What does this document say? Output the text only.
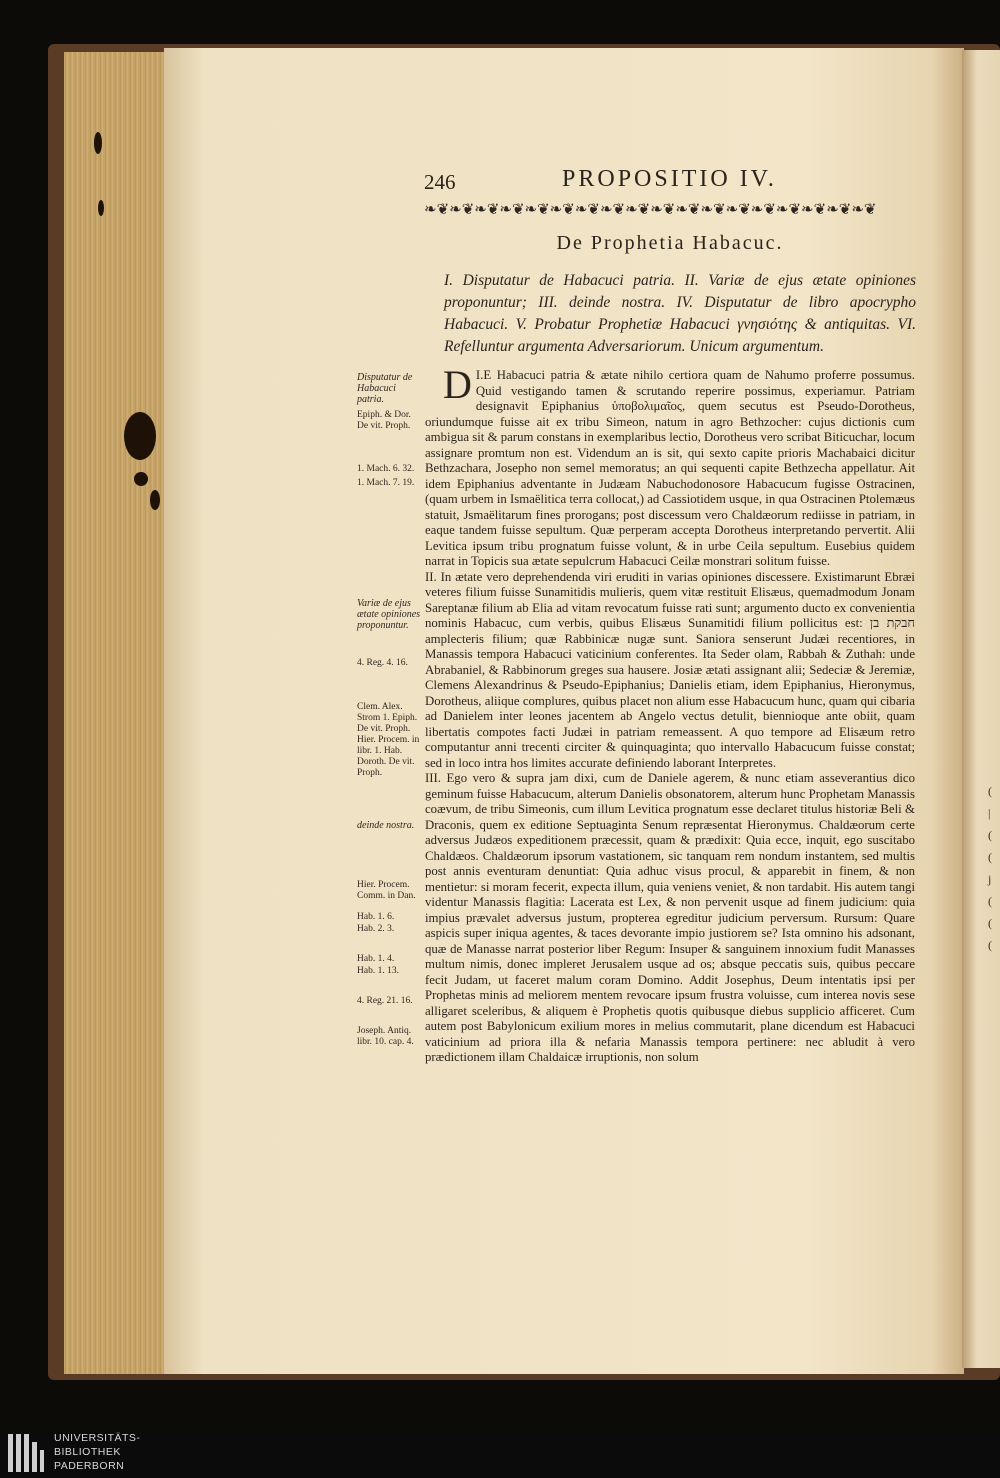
246	PROPOSITIO IV.
❧❦❧❦❧❦❧❦❧❦❧❦❧❦❧❦❧❦❧❦❧❦❧❦❧❦❧❦❧❦❧❦❧❦❧❦
De Prophetia Habacuc.
I. Disputatur de Habacuci patria. II. Variæ de ejus ætate opiniones proponuntur; III. deinde nostra. IV. Disputatur de libro apocrypho Habacuci. V. Probatur Prophetiæ Habacuci γνησιότης & antiquitas. VI. Refelluntur argumenta Adversariorum. Unicum argumentum.
Disputatur de Habacuci patria.
Epiph. & Dor. De vit. Proph.
1. Mach. 6. 32.
1. Mach. 7. 19.
Variæ de ejus ætate opiniones proponuntur.
4. Reg. 4. 16.
Clem. Alex. Strom 1. Epiph. De vit. Proph. Hier. Procem. in libr. 1. Hab. Doroth. De vit. Proph.
deinde nostra.
Hier. Procem. Comm. in Dan.
Hab. 1. 6.
Hab. 2. 3.
Hab. 1. 4.
Hab. 1. 13.
4. Reg. 21. 16.
Joseph. Antiq. libr. 10. cap. 4.

I.
D E Habacuci patria & ætate nihilo certiora quam de Nahumo proferre possumus. Quid vestigando tamen & scrutando reperire possimus, experiamur. Patriam designavit Epiphanius ὑποβολιμαῖος, quem secutus est Pseudo-Dorotheus, oriundumque fuisse ait ex tribu Simeon, natum in agro Bethzocher: cujus dictionis cum ambigua sit & parum constans in exemplaribus lectio, Dorotheus vero scribat Biticuchar, locum assignare promtum non est. Videndum an is sit, qui sexto capite prioris Machabaici dicitur Bethzachara, Josepho non semel memoratus; an qui sequenti capite Bethzecha appellatur. Ait idem Epiphanius adventante in Judæam Nabuchodonosore Habacucum fugisse Ostracinen, (quam urbem in Ismaëlitica terra collocat,) ad Cassiotidem usque, in qua Ostracinen Ptolemæus statuit, Jsmaëlitarum fines prorogans; post discessum vero Chaldæorum rediisse in patriam, in eaque tandem fuisse sepultum. Quæ perperam accepta Dorotheus interpretando pervertit. Alii Levitica ipsum tribu prognatum fuisse volunt, & in urbe Ceila sepultum. Eusebius quidem narrat in Topicis sua ætate sepulcrum Habacuci Ceilæ monstrari solitum fuisse.

II. In ætate vero deprehendenda viri eruditi in varias opiniones discessere. Existimarunt Ebræi veteres filium fuisse Sunamitidis mulieris, quem vitæ restituit Elisæus, quemadmodum Jonam Sareptanæ filium ab Elia ad vitam revocatum fuisse rati sunt; argumento ducto ex convenientia nominis Habacuc, cum verbis, quibus Elisæus Sunamitidi filium pollicitus est: חבקת בן amplecteris filium; quæ Rabbinicæ nugæ sunt. Saniora senserunt Judæi recentiores, in Manassis tempora Habacuci vaticinium conferentes. Ita Seder olam, Rabbah & Zuthah: unde Abrabaniel, & Rabbinorum greges sua hausere. Josiæ ætati assignant alii; Sedeciæ & Jeremiæ, Clemens Alexandrinus & Pseudo-Epiphanius; Danielis etiam, idem Epiphanius, Hieronymus, Dorotheus, aliique complures, quibus placet non alium esse Habacucum hunc, quam qui cibaria ad Danielem inter leones jacentem ab Angelo vectus detulit, biennioque ante obiit, quam libertatis compotes facti Judæi in patriam remeassent. A quo tempore ad Elisæum retro computantur anni trecenti circiter & quinquaginta; quo intervallo Habacucum fuisse constat; sed in loco intra hos limites accurate definiendo laborant Interpretes.

III. Ego vero & supra jam dixi, cum de Daniele agerem, & nunc etiam asseverantius dico geminum fuisse Habacucum, alterum Danielis obsonatorem, alterum hunc Prophetam Manassis coævum, de tribu Simeonis, cum illum Levitica prognatum esse declaret titulus historiæ Beli & Draconis, quem ex editione Septuaginta Senum repræsentat Hieronymus. Chaldæorum certe adversus Judæos expeditionem præcessit, quam & prædixit: Quia ecce, inquit, ego suscitabo Chaldæos. Chaldæorum ipsorum vastationem, sic tanquam rem nondum instantem, sed multis post annis eventuram denuntiat: Quia adhuc visus procul, & apparebit in finem, & non mentietur: si moram fecerit, expecta illum, quia veniens veniet, & non tardabit. His autem tangi videntur Manassis flagitia: Lacerata est Lex, & non pervenit usque ad finem judicium: quia impius prævalet adversus justum, propterea egreditur judicium perversum. Rursum: Quare aspicis super iniqua agentes, & taces devorante impio justiorem se? Ista omnino his adsonant, quæ de Manasse narrat posterior liber Regum: Insuper & sanguinem innoxium fudit Manasses multum nimis, donec impleret Jerusalem usque ad os; absque peccatis suis, quibus peccare fecit Judam, ut faceret malum coram Domino. Addit Josephus, Deum intentatis ipsi per Prophetas minis ad meliorem mentem revocare ipsum frustra voluisse, cum interea novis sese alligaret sceleribus, & aliquem è Prophetis quotis quibusque diebus supplicio afficeret. Cum autem post Babylonicum exilium mores in melius commutarit, plane dicendum est Habacuci vaticinium ad priora illa & nefaria Manassis tempora pertinere: nec abludit à vero prædictionem illam Chaldaicæ irruptionis, non solum

(
|
(
(
j
(
(
(
UNIVERSITÄTS-
BIBLIOTHEK
PADERBORN
